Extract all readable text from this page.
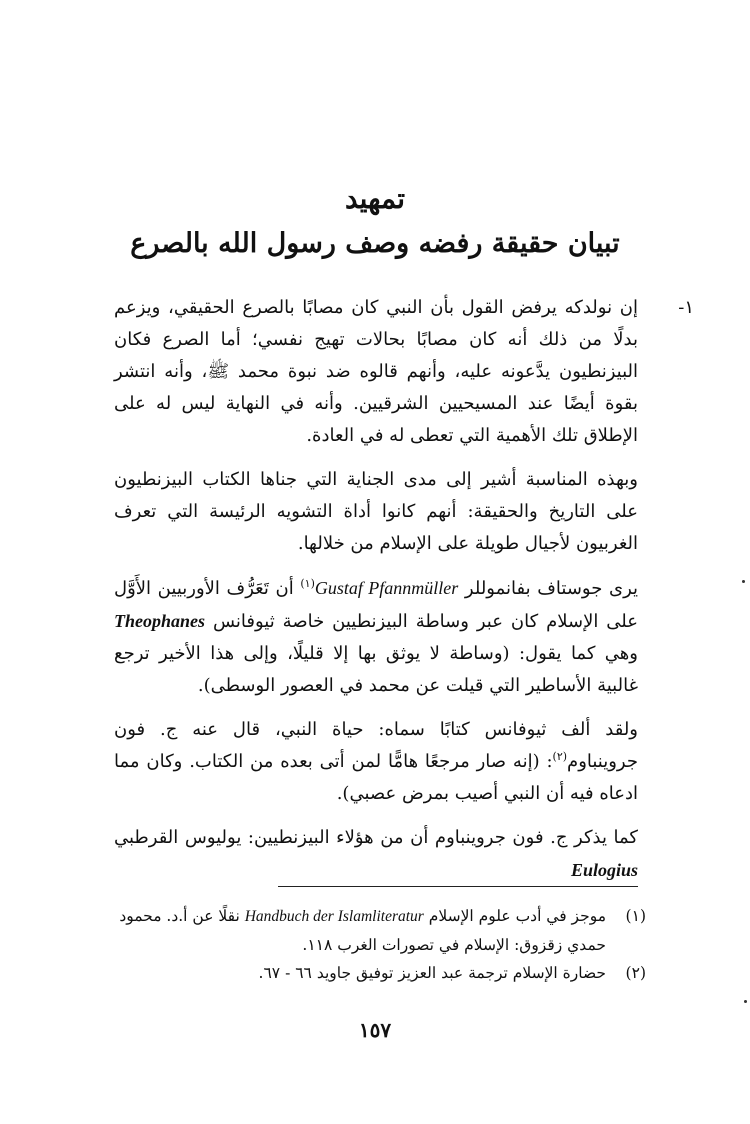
تمهيد
تبيان حقيقة رفضه وصف رسول الله بالصرع

١-
إن نولدكه يرفض القول بأن النبي كان مصابًا بالصرع الحقيقي، ويزعم بدلًا من ذلك أنه كان مصابًا بحالات تهيج نفسي؛ أما الصرع فكان البيزنطيون يدَّعونه عليه، وأنهم قالوه ضد نبوة محمد ﷺ، وأنه انتشر بقوة أيضًا عند المسيحيين الشرقيين. وأنه في النهاية ليس له على الإطلاق تلك الأهمية التي تعطى له في العادة.

وبهذه المناسبة أشير إلى مدى الجناية التي جناها الكتاب البيزنطيون على التاريخ والحقيقة: أنهم كانوا أداة التشويه الرئيسة التي تعرف الغربيون لأجيال طويلة على الإسلام من خلالها.

يرى جوستاف بفانموللر Gustaf Pfannmüller$^{(١)}$ أن تَعَرُّف الأوربيين الأَوَّل على الإسلام كان عبر وساطة البيزنطيين خاصة ثيوفانس Theophanes وهي كما يقول: (وساطة لا يوثق بها إلا قليلًا، وإلى هذا الأخير ترجع غالبية الأساطير التي قيلت عن محمد في العصور الوسطى).

ولقد ألف ثيوفانس كتابًا سماه: حياة النبي، قال عنه ج. فون جروينباوم$^{(٢)}$: (إنه صار مرجعًا هامًّا لمن أتى بعده من الكتاب. وكان مما ادعاه فيه أن النبي أصيب بمرض عصبي).

كما يذكر ج. فون جروينباوم أن من هؤلاء البيزنطيين: يوليوس القرطبي Eulogius

(١)
موجز في أدب علوم الإسلام Handbuch der Islamliteratur نقلًا عن أ.د. محمود حمدي زقزوق: الإسلام في تصورات الغرب ١١٨.

(٢)
حضارة الإسلام ترجمة عبد العزيز توفيق جاويد ٦٦ - ٦٧.

١٥٧
